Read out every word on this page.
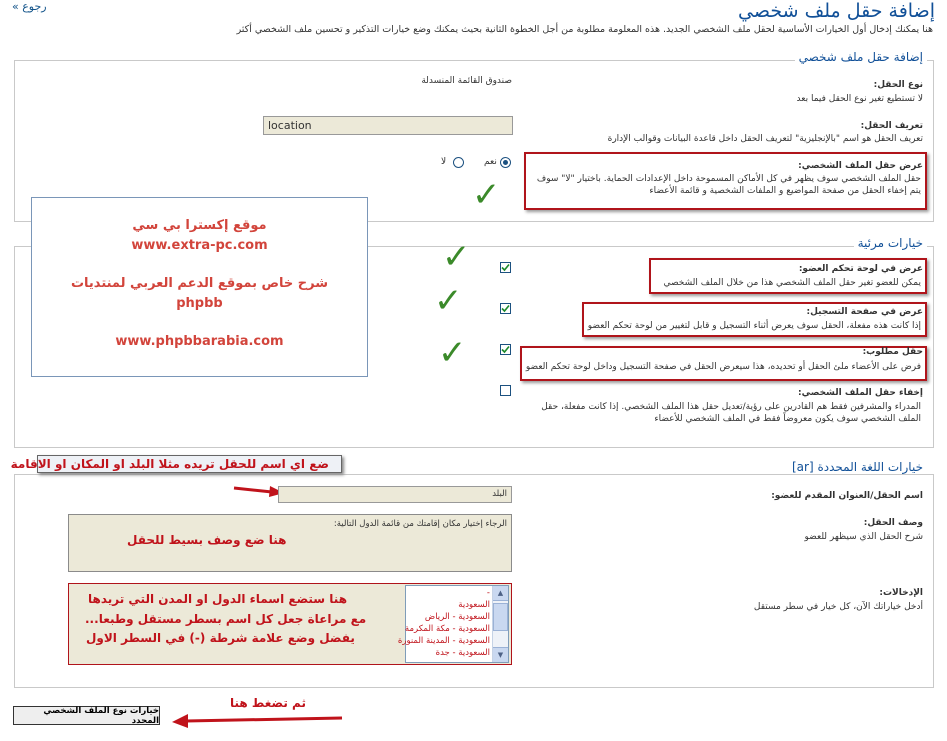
إضافة حقل ملف شخصي
« رجوع
هنا يمكنك إدخال أول الخيارات الأساسية لحقل ملف الشخصي الجديد. هذه المعلومة مطلوبة من أجل الخطوة الثانية بحيث يمكنك وضع خيارات التذكير و تحسين ملف الشخصي أكثر
إضافة حقل ملف شخصي
نوع الحقل:
لا تستطيع تغير نوع الحقل فيما بعد
صندوق القائمة المنسدلة
تعريف الحقل:
تعريف الحقل هو اسم "بالإنجليزية" لتعريف الحقل داخل قاعدة البيانات وقوالب الإدارة
location
عرض حقل الملف الشخصي:
حقل الملف الشخصي سوف يظهر في كل الأماكن المسموحة داخل الإعدادات الحماية. باختيار "لا" سوف يتم إخفاء الحقل من صفحة المواضيع و الملفات الشخصية و قائمة الأعضاء
نعم
لا
✓
خيارات مرئية
عرض في لوحة تحكم العضو:
يمكن للعضو تغير حقل الملف الشخصي هذا من خلال الملف الشخصي
✓
عرض في صفحة التسجيل:
إذا كانت هذه مفعلة، الحقل سوف يعرض أثناء التسجيل و قابل لتغيير من لوحة تحكم العضو
✓
حقل مطلوب:
فرض على الأعضاء ملئ الحقل أو تحديده، هذا سيعرض الحقل في صفحة التسجيل وداخل لوحة تحكم العضو
✓
إخفاء حقل الملف الشخصي:
المدراء والمشرفين فقط هم القادرين على رؤية/تعديل حقل هذا الملف الشخصي. إذا كانت مفعلة، حقل الملف الشخصي سوف يكون معروضاً فقط في الملف الشخصي للأعضاء
موقع إكسترا بي سي
www.extra-pc.com
شرح خاص بموقع الدعم العربي لمنتديات
phpbb
www.phpbbarabia.com
خيارات اللغة المحددة [ar]
ضع اي اسم للحقل تريده مثلا البلد او المكان او الاقامة
اسم الحقل/العنوان المقدم للعضو:
البلد
وصف الحقل:
شرح الحقل الذي سيظهر للعضو
الرجاء إختيار مكان إقامتك من قائمة الدول التالية:
هنا ضع وصف بسيط للحقل
الإدخالات:
أدخل خياراتك الآن، كل خيار في سطر مستقل
-
السعودية
السعودية - الرياض
السعودية - مكة المكرمة
السعودية - المدينة المنورة
السعودية - جدة
▲
▼
هنا ستضع اسماء الدول او المدن التي تريدها
...مع مراعاة جعل كل اسم بسطر مستقل وطبعا
يفضل وضع علامة شرطة (-) في السطر الاول
خيارات نوع الملف الشخصي المحدد
ثم تضغط هنا
